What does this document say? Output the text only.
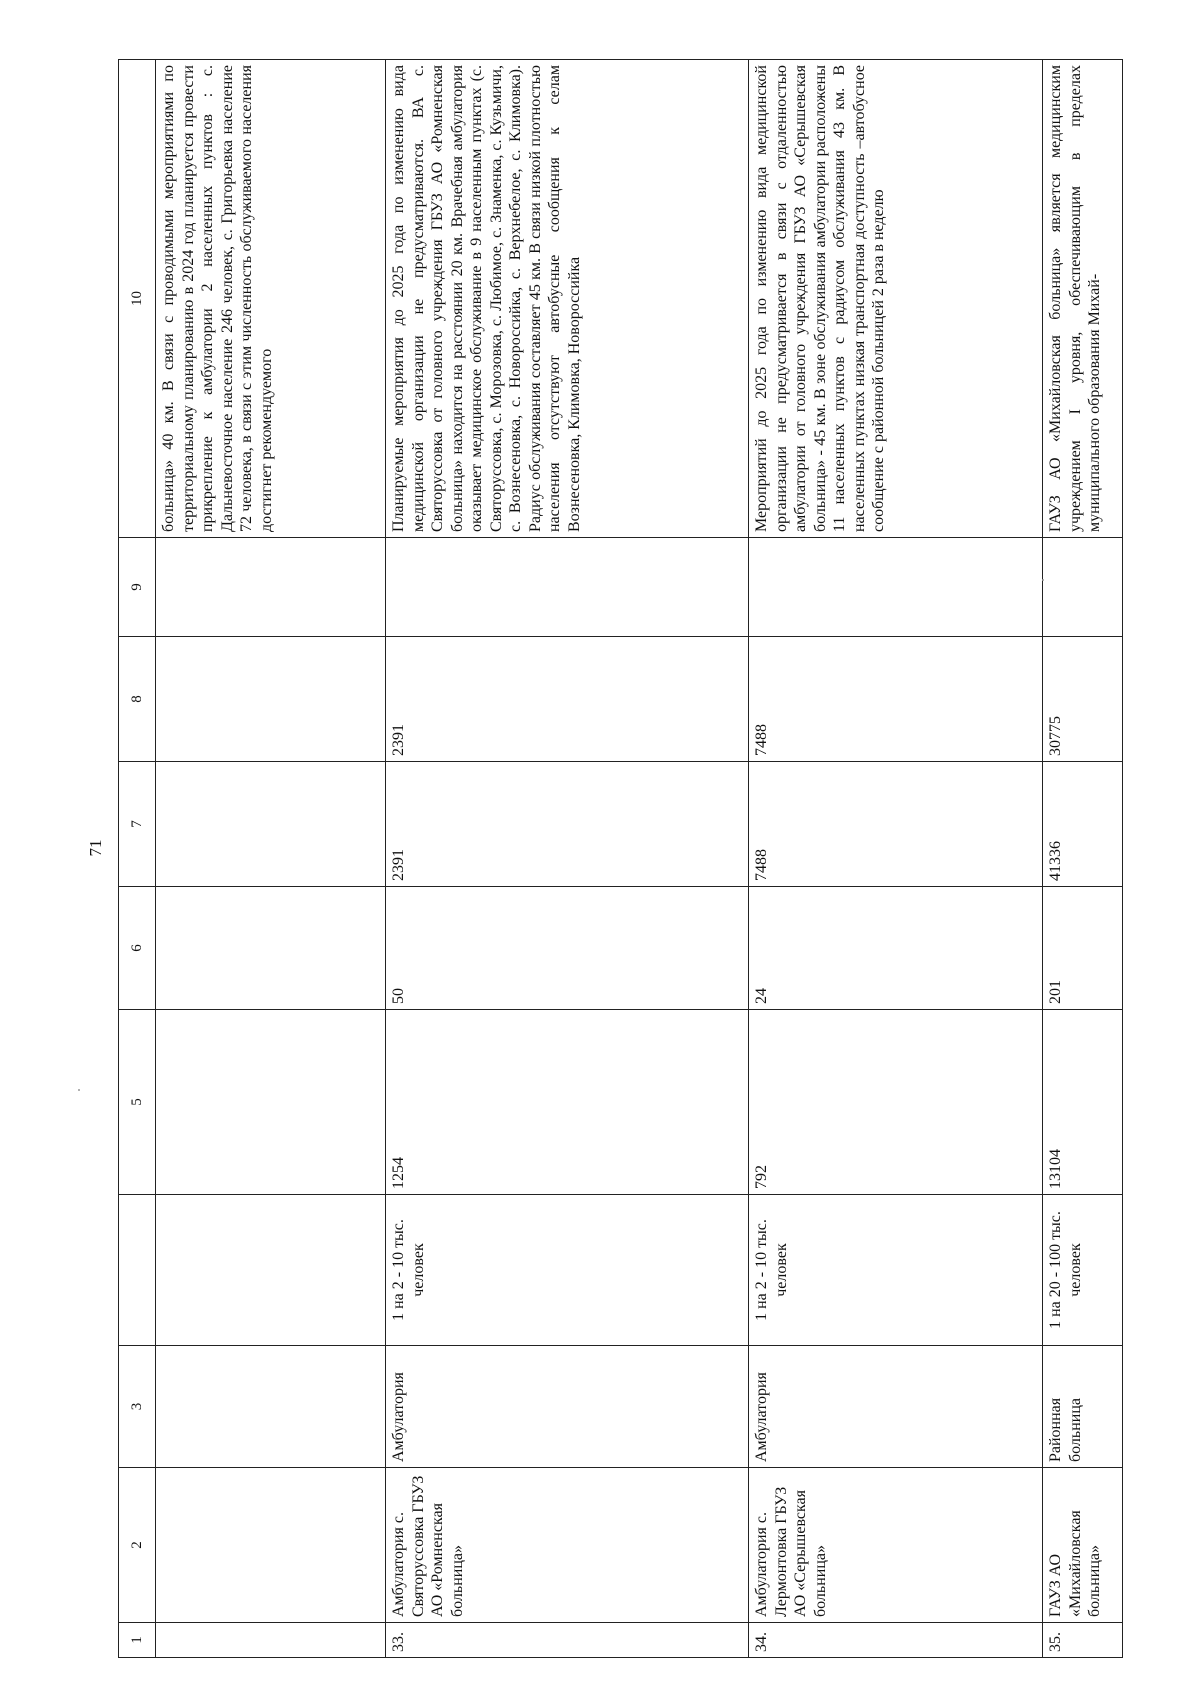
71
1	2	3		5	6	7	8	9	10
									больница» 40 км. В связи с проводимыми мероприятиями по территориальному планированию в 2024 год планируется провести прикрепление к амбулатории 2 населенных пунктов : с. Дальневосточное население 246 человек, с. Григорьевка население 72 человека, в связи с этим численность обслуживаемого населения достигнет рекомендуемого
33.	Амбулатория с. Святоруссовка ГБУЗ АО «Ромненская больница»	Амбулатория	1 на 2 - 10 тыс. человек	1254	50	2391	2391		Планируемые мероприятия до 2025 года по изменению вида медицинской организации не предусматриваются. ВА с. Святоруссовка от головного учреждения ГБУЗ АО «Ромненская больница» находится на расстоянии 20 км. Врачебная амбулатория оказывает медицинское обслуживание в 9 населенным пунктах (с. Святоруссовка, с. Морозовка, с. Любимое, с. Знаменка, с. Кузьмичи, с. Вознесеновка, с. Новороссийка, с. Верхнебелое, с. Климовка). Радиус обслуживания составляет 45 км. В связи низкой плотностью населения отсутствуют автобусные сообщения к селам Вознесеновка, Климовка, Новороссийка
34.	Амбулатория с. Лермонтовка ГБУЗ АО «Серышевская больница»	Амбулатория	1 на 2 - 10 тыс. человек	792	24	7488	7488		Мероприятий до 2025 года по изменению вида медицинской организации не предусматривается в связи с отдаленностью амбулатории от головного учреждения ГБУЗ АО «Серышевская больница» - 45 км. В зоне обслуживания амбулатории расположены 11 населенных пунктов с радиусом обслуживания 43 км. В населенных пунктах низкая транспортная доступность –автобусное сообщение с районной больницей 2 раза в неделю
35.	ГАУЗ АО «Михайловская больница»	Районная больница	1 на 20 - 100 тыс. человек	13104	201	41336	30775		ГАУЗ АО «Михайловская больница» является медицинским учреждением I уровня, обеспечивающим в пределах муниципального образования Михай-
